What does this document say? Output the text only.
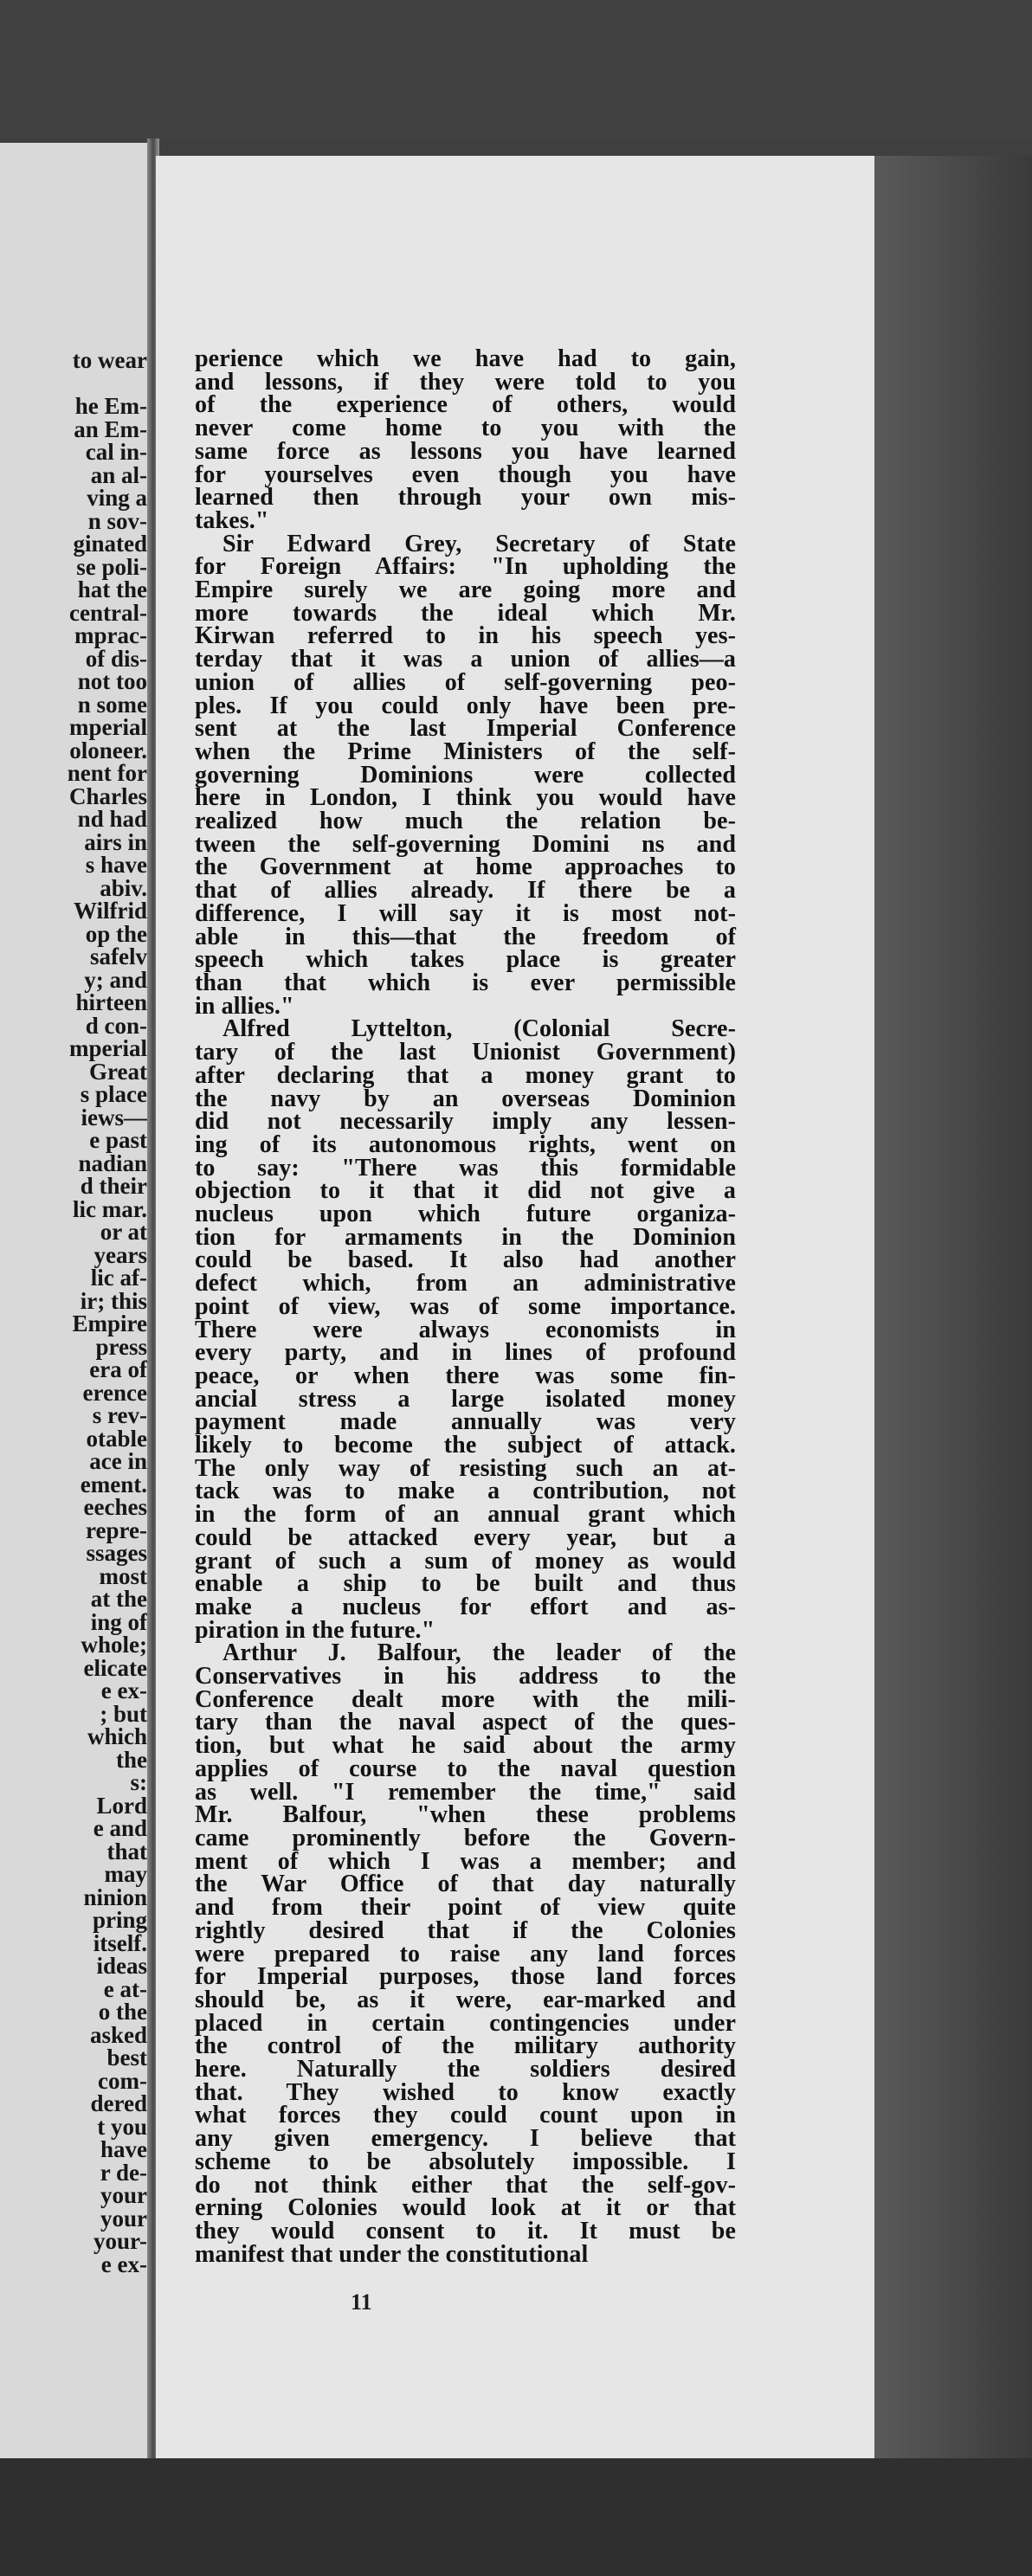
to wear
he Em-
an Em-
cal in-
an al-
ving a
n sov-
ginated
se poli-
hat the
central-
mprac-
of dis-
not too
n some
mperial
oloneer.
nent for
Charles
nd had
airs in
s have
abiv.
Wilfrid
op the
safelv
y; and
hirteen
d con-
mperial
Great
s place
iews—
e past
nadian
d their
lic mar.
or at
years
lic af-
ir; this
Empire
press
era of
erence
s rev-
otable
ace in
ement.
eeches
repre-
ssages
most
at the
ing of
whole;
elicate
e ex-
; but
which
the
s:
Lord
e and
that
may
ninion
pring
itself.
ideas
e at-
o the
asked
best
com-
dered
t you
have
r de-
your
your
your-
e ex-
perience which we have had to gain,
and lessons, if they were told to you
of the experience of others, would
never come home to you with the
same force as lessons you have learned
for yourselves even though you have
learned then through your own mis-
takes."
Sir Edward Grey, Secretary of State
for Foreign Affairs: "In upholding the
Empire surely we are going more and
more towards the ideal which Mr.
Kirwan referred to in his speech yes-
terday that it was a union of allies—a
union of allies of self-governing peo-
ples. If you could only have been pre-
sent at the last Imperial Conference
when the Prime Ministers of the self-
governing Dominions were collected
here in London, I think you would have
realized how much the relation be-
tween the self-governing Domini ns and
the Government at home approaches to
that of allies already. If there be a
difference, I will say it is most not-
able in this—that the freedom of
speech which takes place is greater
than that which is ever permissible
in allies."
Alfred Lyttelton, (Colonial Secre-
tary of the last Unionist Government)
after declaring that a money grant to
the navy by an overseas Dominion
did not necessarily imply any lessen-
ing of its autonomous rights, went on
to say: "There was this formidable
objection to it that it did not give a
nucleus upon which future organiza-
tion for armaments in the Dominion
could be based. It also had another
defect which, from an administrative
point of view, was of some importance.
There were always economists in
every party, and in lines of profound
peace, or when there was some fin-
ancial stress a large isolated money
payment made annually was very
likely to become the subject of attack.
The only way of resisting such an at-
tack was to make a contribution, not
in the form of an annual grant which
could be attacked every year, but a
grant of such a sum of money as would
enable a ship to be built and thus
make a nucleus for effort and as-
piration in the future."
Arthur J. Balfour, the leader of the
Conservatives in his address to the
Conference dealt more with the mili-
tary than the naval aspect of the ques-
tion, but what he said about the army
applies of course to the naval question
as well. "I remember the time," said
Mr. Balfour, "when these problems
came prominently before the Govern-
ment of which I was a member; and
the War Office of that day naturally
and from their point of view quite
rightly desired that if the Colonies
were prepared to raise any land forces
for Imperial purposes, those land forces
should be, as it were, ear-marked and
placed in certain contingencies under
the control of the military authority
here. Naturally the soldiers desired
that. They wished to know exactly
what forces they could count upon in
any given emergency. I believe that
scheme to be absolutely impossible. I
do not think either that the self-gov-
erning Colonies would look at it or that
they would consent to it. It must be
manifest that under the constitutional
11
